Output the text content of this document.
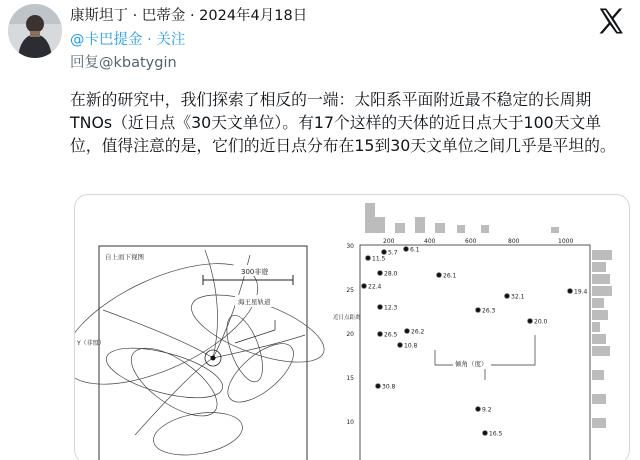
康斯坦丁 · 巴蒂金 · 2024年4月18日
@卡巴提金 · 关注
回复@kbatygin
在新的研究中，我们探索了相反的一端：太阳系平面附近最不稳定的长周期TNOs（近日点《30天文单位）。有17个这样的天体的近日点大于100天文单位，值得注意的是，它们的近日点分布在15到30天文单位之间几乎是平坦的。
自上而下视图
300非遊
海王星轨道
Y（非盟）
200	400	600	800	1000
30
25
20
15
10
近日点距离
倾角（度）
5.7 6.1
11.5
28.0
22.4
26.1
19.4
32.1
12.3	26.3
20.0
26.5 26.2
10.8
30.8
9.2
16.5
